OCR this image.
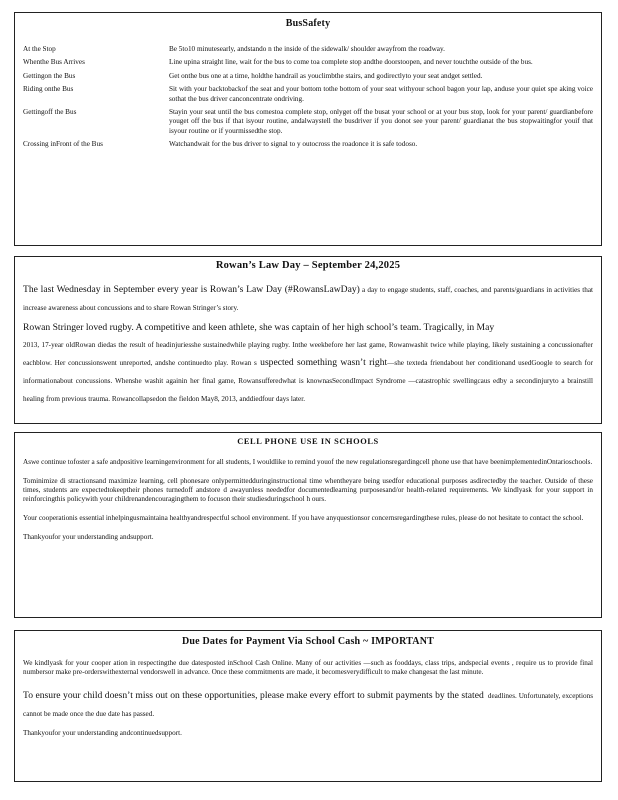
BusSafety
At the Stop	Be 5to10 minutesearly, andstando n the inside of the sidewalk/ shoulder awayfrom the roadway.
Whenthe Bus Arrives	Line upina straight line, wait for the bus to come toa complete stop andthe doorstoopen, and never touchthe outside of the bus.
Gettingon the Bus	Get onthe bus one at a time, holdthe handrail as youclimbthe stairs, and godirectlyto your seat andget settled.
Riding onthe Bus	Sit with your backtobackof the seat and your bottom tothe bottom of your seat withyour school bagon your lap, anduse your quiet spe aking voice sothat the bus driver canconcentrate ondriving.
Gettingoff the Bus	Stayin your seat until the bus comestoa complete stop, onlyget off the busat your school or at your bus stop, look for your parent/ guardianbefore youget off the bus if that isyour routine, andalwaystell the busdriver if you donot see your parent/ guardianat the bus stopwaitingfor youif that isyour routine or if yourmissedthe stop.
Crossing inFront of the Bus	Watchandwait for the bus driver to signal to y outocross the roadonce it is safe todoso.
Rowan’s Law Day – September 24,2025

The last Wednesday in September every year is Rowan’s Law Day (#RowansLawDay) a day to engage students, staff, coaches, and parents/guardians in activities that increase awareness about concussions and to share Rowan Stringer’s story.

Rowan Stringer loved rugby. A competitive and keen athlete, she was captain of her high school’s team. Tragically, in May

2013, 17-year oldRowan diedas the result of headinjuriesshe sustainedwhile playing rugby. Inthe weekbefore her last game, Rowanwashit twice while playing, likely sustaining a concussionafter eachblow. Her concussionswent unreported, andshe continuedto play. Rowan s uspected something wasn’t right—she texteda friendabout her conditionand usedGoogle to search for informationabout concussions. Whenshe washit againin her final game, Rowansufferedwhat is knownasSecondImpact Syndrome —catastrophic swellingcaus edby a secondinjuryto a brainstill healing from previous trauma. Rowancollapsedon the fieldon May8, 2013, anddiedfour days later.

CELL PHONE USE IN SCHOOLS

Aswe continue tofoster a safe andpositive learningenvironment for all students, I wouldlike to remind youof the new regulationsregardingcell phone use that have beenimplementedinOntarioschools.

Tominimize di stractionsand maximize learning, cell phonesare onlypermittedduringinstructional time whentheyare being usedfor educational purposes asdirectedby the teacher. Outside of these times, students are expectedtokeeptheir phones turnedoff andstore d awayunless neededfor documentedlearning purposesand/or health-related requirements. We kindlyask for your support in reinforcingthis policywith your childrenandencouragingthem to focuson their studiesduringschool h ours.

Your cooperationis essential inhelpingusmaintaina healthyandrespectful school environment. If you have anyquestionsor concernsregardingthese rules, please do not hesitate to contact the school.

Thankyoufor your understanding andsupport.

Due Dates for Payment Via School Cash ~ IMPORTANT

We kindlyask for your cooper ation in respectingthe due datesposted inSchool Cash Online. Many of our activities —such as fooddays, class trips, andspecial events , require us to provide final numbersor make pre-orderswithexternal vendorswell in advance. Once these commitments are made, it becomesverydifficult to make changesat the last minute.

To ensure your child doesn’t miss out on these opportunities, please make every effort to submit payments by the stated deadlines. Unfortunately, exceptions cannot be made once the due date has passed.

Thankyoufor your understanding andcontinuedsupport.
